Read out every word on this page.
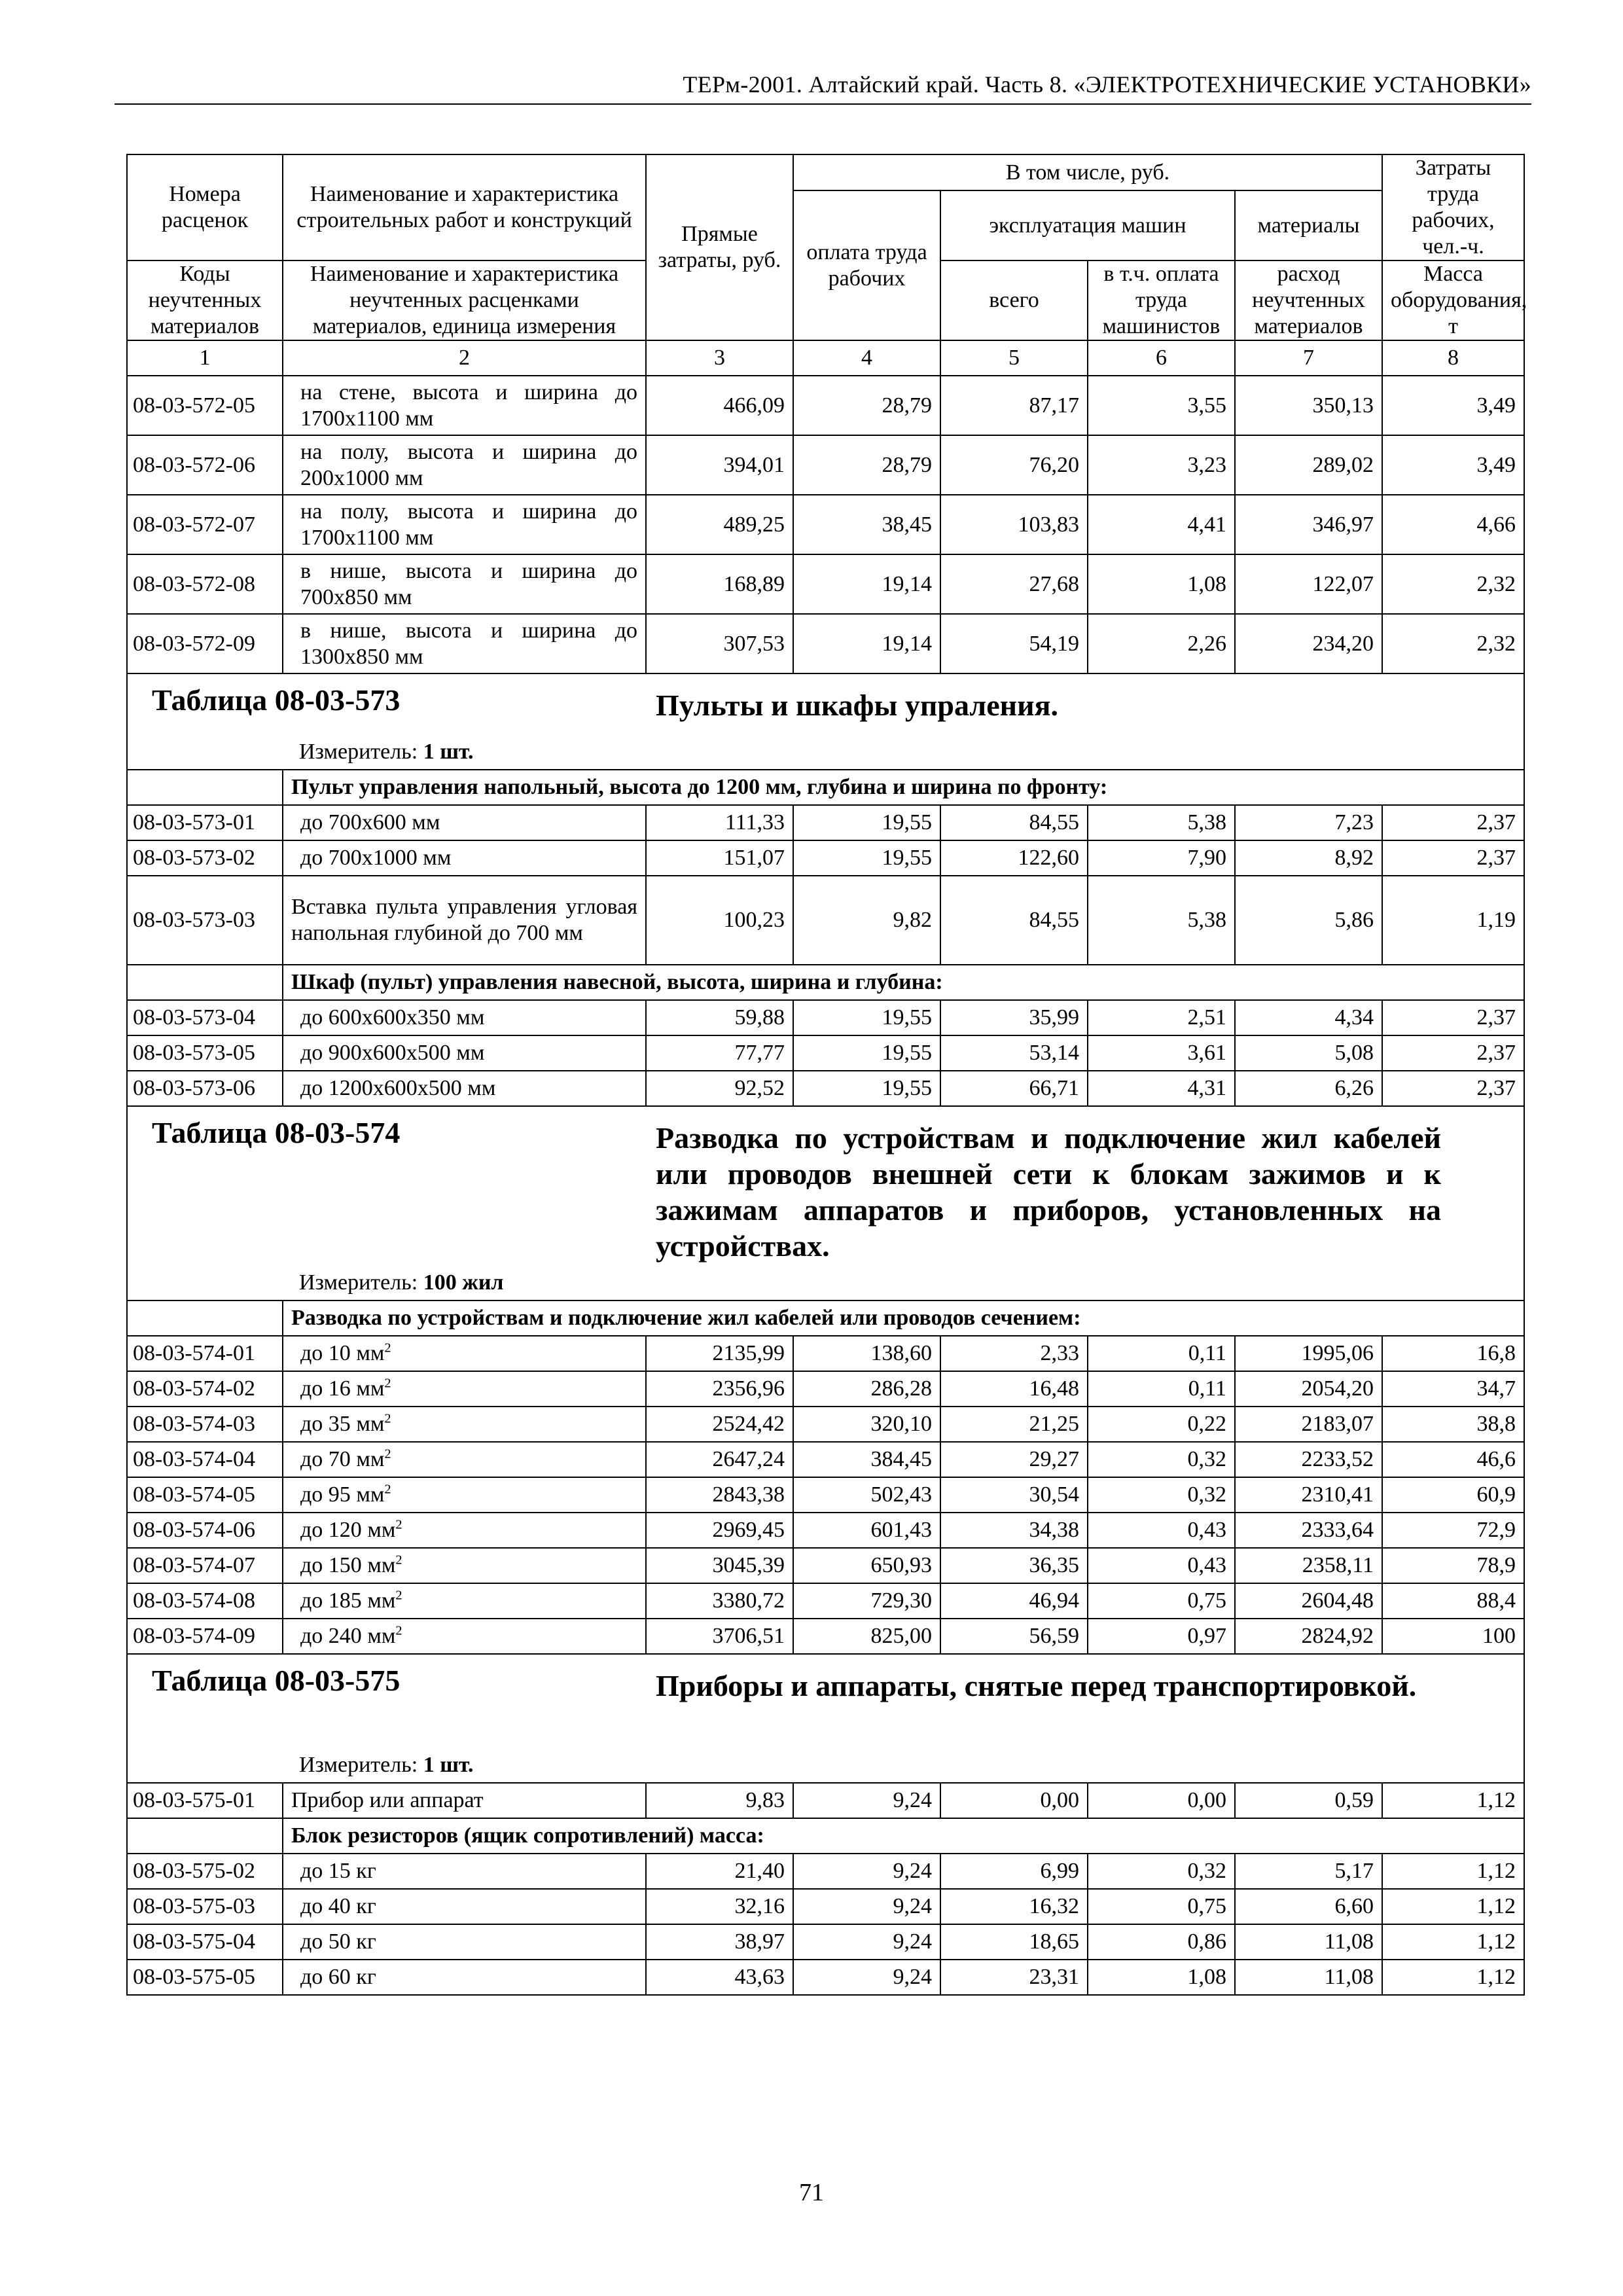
ТЕРм-2001. Алтайский край. Часть 8. «ЭЛЕКТРОТЕХНИЧЕСКИЕ УСТАНОВКИ»
Номера расценок	Наименование и характеристика строительных работ и конструкций	Прямые затраты, руб.	В том числе, руб.				Затраты труда рабочих, чел.-ч.
			оплата труда рабочих	эксплуатация машин		материалы	
Коды неучтенных материалов	Наименование и характеристика неучтенных расценками материалов, единица измерения			всего	в т.ч. оплата труда машинистов	расход неучтенных материалов	Масса оборудования, т
1	2	3	4	5	6	7	8
08-03-572-05	на стене, высота и ширина до 1700х1100 мм	466,09	28,79	87,17	3,55	350,13	3,49
08-03-572-06	на полу, высота и ширина до 200х1000 мм	394,01	28,79	76,20	3,23	289,02	3,49
08-03-572-07	на полу, высота и ширина до 1700х1100 мм	489,25	38,45	103,83	4,41	346,97	4,66
08-03-572-08	в нише, высота и ширина до 700х850 мм	168,89	19,14	27,68	1,08	122,07	2,32
08-03-572-09	в нише, высота и ширина до 1300х850 мм	307,53	19,14	54,19	2,26	234,20	2,32

Таблица 08-03-573 Пульты и шкафы упраления.
Измеритель: 1 шт.							

	Пульт управления напольный, высота до 1200 мм, глубина и ширина по фронту:						
08-03-573-01	до 700х600 мм	111,33	19,55	84,55	5,38	7,23	2,37
08-03-573-02	до 700х1000 мм	151,07	19,55	122,60	7,90	8,92	2,37
08-03-573-03	Вставка пульта управления угловая напольная глубиной до 700 мм	100,23	9,82	84,55	5,38	5,86	1,19
	Шкаф (пульт) управления навесной, высота, ширина и глубина:						
08-03-573-04	до 600х600х350 мм	59,88	19,55	35,99	2,51	4,34	2,37
08-03-573-05	до 900х600х500 мм	77,77	19,55	53,14	3,61	5,08	2,37
08-03-573-06	до 1200х600х500 мм	92,52	19,55	66,71	4,31	6,26	2,37

Таблица 08-03-574 Разводка по устройствам и подключение жил кабелей или проводов внешней сети к блокам зажимов и к зажимам аппаратов и приборов, установленных на устройствах.
Измеритель: 100 жил							

	Разводка по устройствам и подключение жил кабелей или проводов сечением:						
08-03-574-01	до 10 $мм^2$	2135,99	138,60	2,33	0,11	1995,06	16,8
08-03-574-02	до 16 $мм^2$	2356,96	286,28	16,48	0,11	2054,20	34,7
08-03-574-03	до 35 $мм^2$	2524,42	320,10	21,25	0,22	2183,07	38,8
08-03-574-04	до 70 $мм^2$	2647,24	384,45	29,27	0,32	2233,52	46,6
08-03-574-05	до 95 $мм^2$	2843,38	502,43	30,54	0,32	2310,41	60,9
08-03-574-06	до 120 $мм^2$	2969,45	601,43	34,38	0,43	2333,64	72,9
08-03-574-07	до 150 $мм^2$	3045,39	650,93	36,35	0,43	2358,11	78,9
08-03-574-08	до 185 $мм^2$	3380,72	729,30	46,94	0,75	2604,48	88,4
08-03-574-09	до 240 $мм^2$	3706,51	825,00	56,59	0,97	2824,92	100

Таблица 08-03-575 Приборы и аппараты, снятые перед транспортировкой.
Измеритель: 1 шт.							

08-03-575-01	Прибор или аппарат	9,83	9,24	0,00	0,00	0,59	1,12
	Блок резисторов (ящик сопротивлений) масса:						
08-03-575-02	до 15 кг	21,40	9,24	6,99	0,32	5,17	1,12
08-03-575-03	до 40 кг	32,16	9,24	16,32	0,75	6,60	1,12
08-03-575-04	до 50 кг	38,97	9,24	18,65	0,86	11,08	1,12
08-03-575-05	до 60 кг	43,63	9,24	23,31	1,08	11,08	1,12
71
